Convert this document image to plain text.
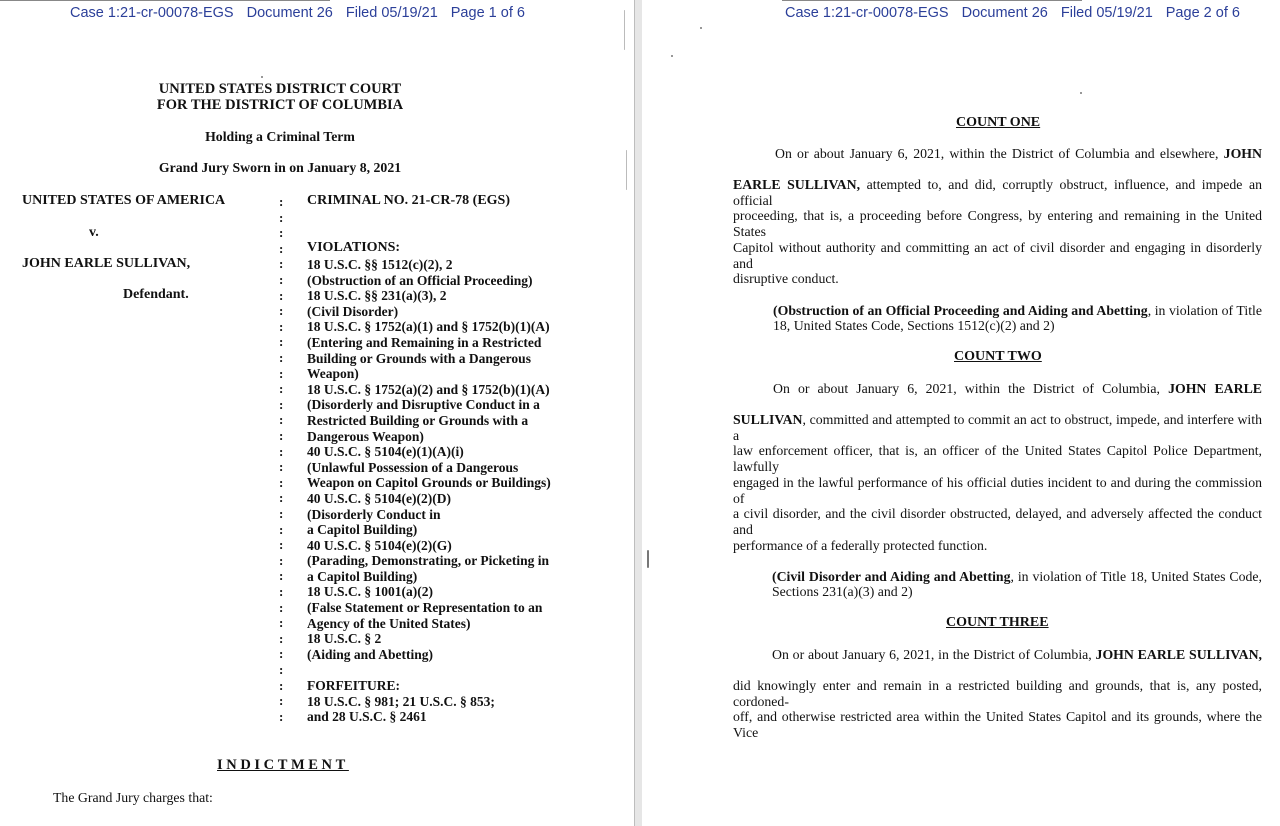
Case 1:21-cr-00078-EGS Document 26 Filed 05/19/21 Page 1 of 6
UNITED STATES DISTRICT COURT
FOR THE DISTRICT OF COLUMBIA
Holding a Criminal Term
Grand Jury Sworn in on January 8, 2021
UNITED STATES OF AMERICA
v.
JOHN EARLE SULLIVAN,
Defendant.
:
:
:
:
:
:
:
:
:
:
:
:
:
:
:
:
:
:
:
:
:
:
:
:
:
:
:
:
:
:
:
:
:
:
CRIMINAL NO. 21-CR-78 (EGS)
VIOLATIONS:
18 U.S.C. §§ 1512(c)(2), 2
(Obstruction of an Official Proceeding)
18 U.S.C. §§ 231(a)(3), 2
(Civil Disorder)
18 U.S.C. § 1752(a)(1) and § 1752(b)(1)(A)
(Entering and Remaining in a Restricted
Building or Grounds with a Dangerous
Weapon)
18 U.S.C. § 1752(a)(2) and § 1752(b)(1)(A)
(Disorderly and Disruptive Conduct in a
Restricted Building or Grounds with a
Dangerous Weapon)
40 U.S.C. § 5104(e)(1)(A)(i)
(Unlawful Possession of a Dangerous
Weapon on Capitol Grounds or Buildings)
40 U.S.C. § 5104(e)(2)(D)
(Disorderly Conduct in
a Capitol Building)
40 U.S.C. § 5104(e)(2)(G)
(Parading, Demonstrating, or Picketing in
a Capitol Building)
18 U.S.C. § 1001(a)(2)
(False Statement or Representation to an
Agency of the United States)
18 U.S.C. § 2
(Aiding and Abetting)
FORFEITURE:
18 U.S.C. § 981; 21 U.S.C. § 853;
and 28 U.S.C. § 2461
INDICTMENT
The Grand Jury charges that:
Case 1:21-cr-00078-EGS Document 26 Filed 05/19/21 Page 2 of 6
COUNT ONE
On or about January 6, 2021, within the District of Columbia and elsewhere, JOHN
EARLE SULLIVAN, attempted to, and did, corruptly obstruct, influence, and impede an official
proceeding, that is, a proceeding before Congress, by entering and remaining in the United States
Capitol without authority and committing an act of civil disorder and engaging in disorderly and
disruptive conduct.
(Obstruction of an Official Proceeding and Aiding and Abetting, in violation of Title
18, United States Code, Sections 1512(c)(2) and 2)
COUNT TWO
On or about January 6, 2021, within the District of Columbia, JOHN EARLE
SULLIVAN, committed and attempted to commit an act to obstruct, impede, and interfere with a
law enforcement officer, that is, an officer of the United States Capitol Police Department, lawfully
engaged in the lawful performance of his official duties incident to and during the commission of
a civil disorder, and the civil disorder obstructed, delayed, and adversely affected the conduct and
performance of a federally protected function.
(Civil Disorder and Aiding and Abetting, in violation of Title 18, United States Code,
Sections 231(a)(3) and 2)
COUNT THREE
On or about January 6, 2021, in the District of Columbia, JOHN EARLE SULLIVAN,
did knowingly enter and remain in a restricted building and grounds, that is, any posted, cordoned-
off, and otherwise restricted area within the United States Capitol and its grounds, where the Vice
